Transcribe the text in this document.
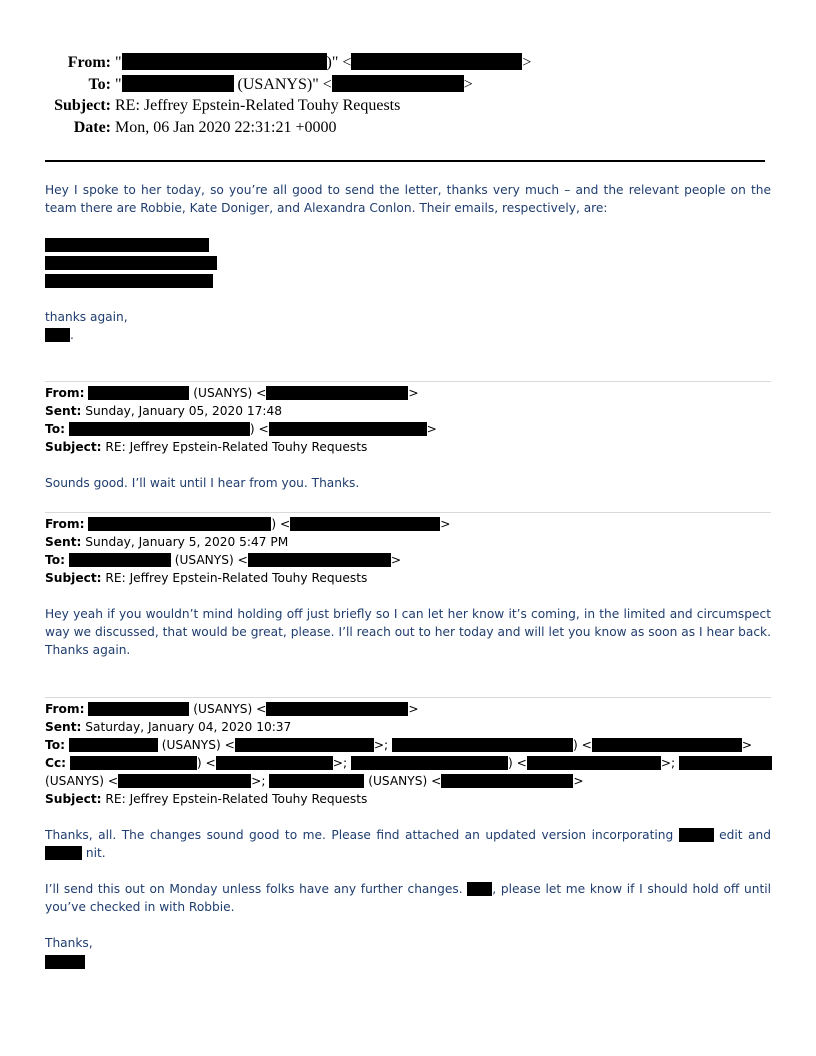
From: "	)" <	>
To: "	(USANYS)" <	>
Subject: RE: Jeffrey Epstein-Related Touhy Requests
Date: Mon, 06 Jan 2020 22:31:21 +0000
Hey I spoke to her today, so you’re all good to send the letter, thanks very much – and the relevant people on the team there are Robbie, Kate Doniger, and Alexandra Conlon. Their emails, respectively, are:
thanks again,
.
From:	(USANYS) <	>
Sent: Sunday, January 05, 2020 17:48
To:	) <	>
Subject: RE: Jeffrey Epstein-Related Touhy Requests
Sounds good. I’ll wait until I hear from you. Thanks.
From:	) <	>
Sent: Sunday, January 5, 2020 5:47 PM
To:	(USANYS) <	>
Subject: RE: Jeffrey Epstein-Related Touhy Requests
Hey yeah if you wouldn’t mind holding off just briefly so I can let her know it’s coming, in the limited and circumspect way we discussed, that would be great, please. I’ll reach out to her today and will let you know as soon as I hear back. Thanks again.
From:	(USANYS) <	>
Sent: Saturday, January 04, 2020 10:37
To:	(USANYS) <	>;	) <	>
Cc:	) <	>;	) <	>;
(USANYS) <	>;	(USANYS) <	>
Subject: RE: Jeffrey Epstein-Related Touhy Requests
Thanks, all. The changes sound good to me. Please find attached an updated version incorporating	edit and  nit.
I’ll send this out on Monday unless folks have any further changes. , please let me know if I should hold off until you’ve checked in with Robbie.
Thanks,
